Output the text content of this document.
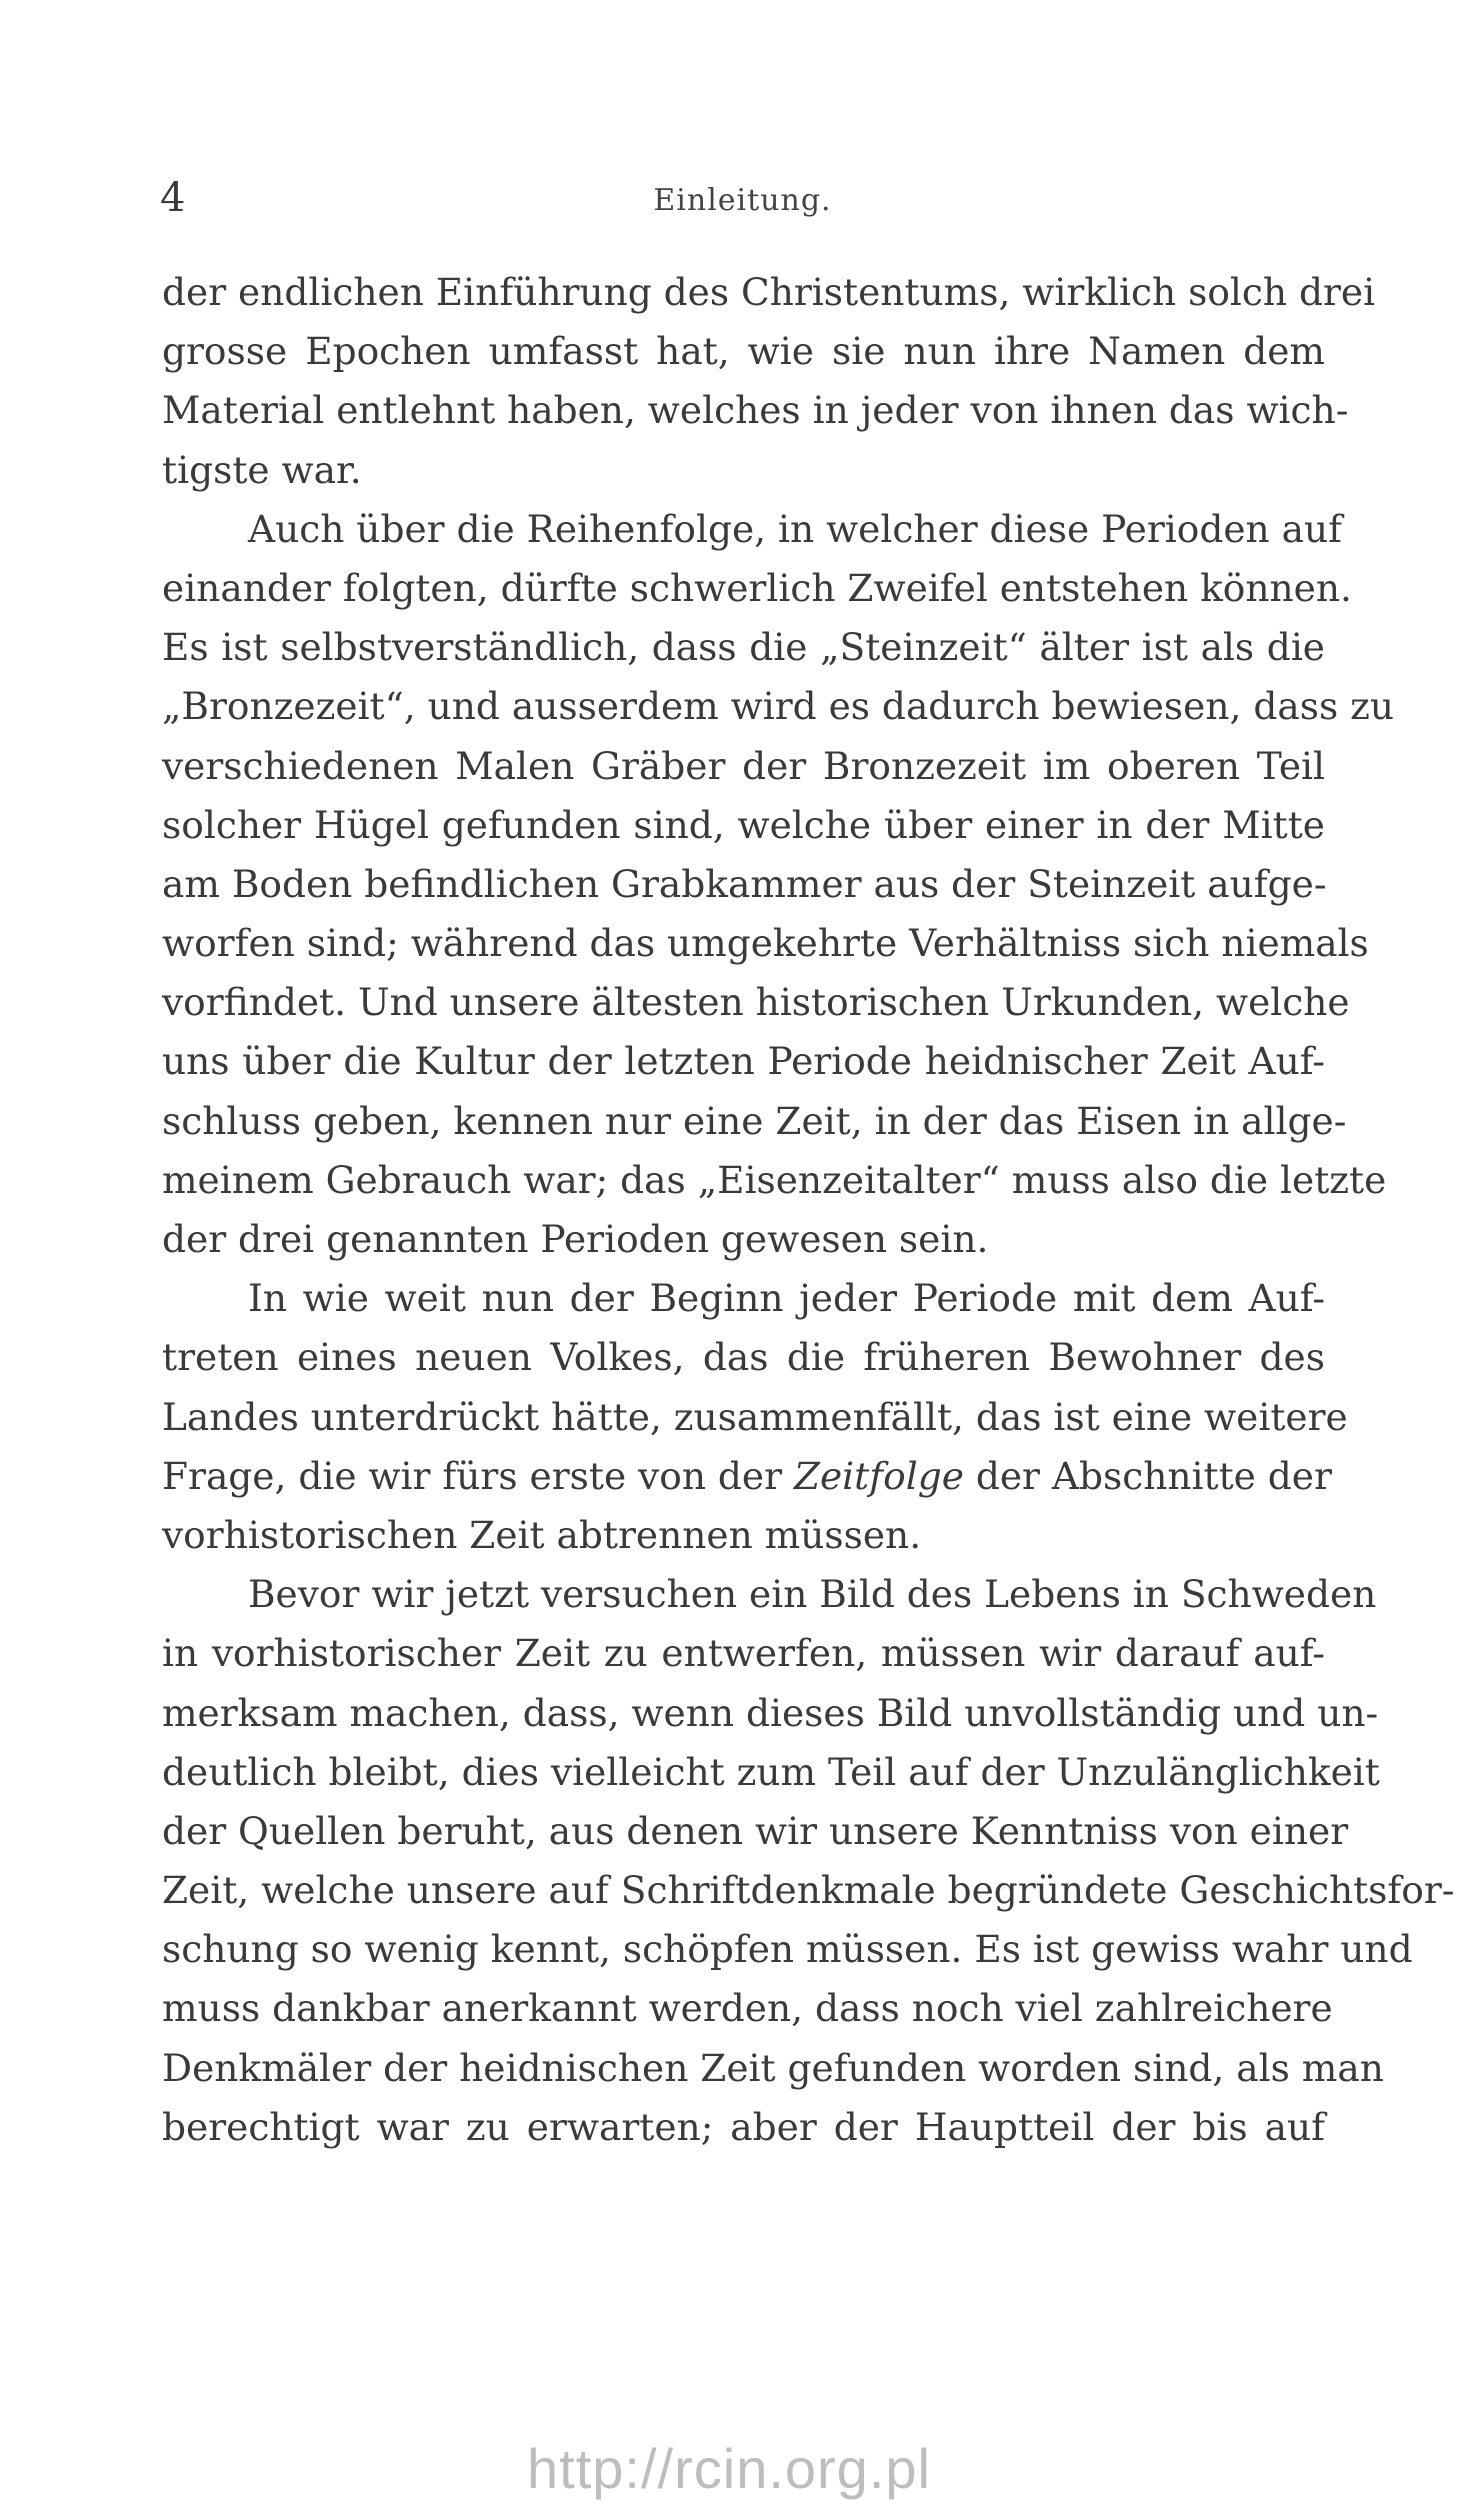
4	Einleitung.
der endlichen Einführung des Christentums, wirklich solch drei
grosse Epochen umfasst hat, wie sie nun ihre Namen dem
Material entlehnt haben, welches in jeder von ihnen das wich-
tigste war.
Auch über die Reihenfolge, in welcher diese Perioden auf
einander folgten, dürfte schwerlich Zweifel entstehen können.
Es ist selbstverständlich, dass die „Steinzeit“ älter ist als die
„Bronzezeit“, und ausserdem wird es dadurch bewiesen, dass zu
verschiedenen Malen Gräber der Bronzezeit im oberen Teil
solcher Hügel gefunden sind, welche über einer in der Mitte
am Boden befindlichen Grabkammer aus der Steinzeit aufge-
worfen sind; während das umgekehrte Verhältniss sich niemals
vorfindet. Und unsere ältesten historischen Urkunden, welche
uns über die Kultur der letzten Periode heidnischer Zeit Auf-
schluss geben, kennen nur eine Zeit, in der das Eisen in allge-
meinem Gebrauch war; das „Eisenzeitalter“ muss also die letzte
der drei genannten Perioden gewesen sein.
In wie weit nun der Beginn jeder Periode mit dem Auf-
treten eines neuen Volkes, das die früheren Bewohner des
Landes unterdrückt hätte, zusammenfällt, das ist eine weitere
Frage, die wir fürs erste von der Zeitfolge der Abschnitte der
vorhistorischen Zeit abtrennen müssen.
Bevor wir jetzt versuchen ein Bild des Lebens in Schweden
in vorhistorischer Zeit zu entwerfen, müssen wir darauf auf-
merksam machen, dass, wenn dieses Bild unvollständig und un-
deutlich bleibt, dies vielleicht zum Teil auf der Unzulänglichkeit
der Quellen beruht, aus denen wir unsere Kenntniss von einer
Zeit, welche unsere auf Schriftdenkmale begründete Geschichtsfor-
schung so wenig kennt, schöpfen müssen. Es ist gewiss wahr und
muss dankbar anerkannt werden, dass noch viel zahlreichere
Denkmäler der heidnischen Zeit gefunden worden sind, als man
berechtigt war zu erwarten; aber der Hauptteil der bis auf
http://rcin.org.pl
